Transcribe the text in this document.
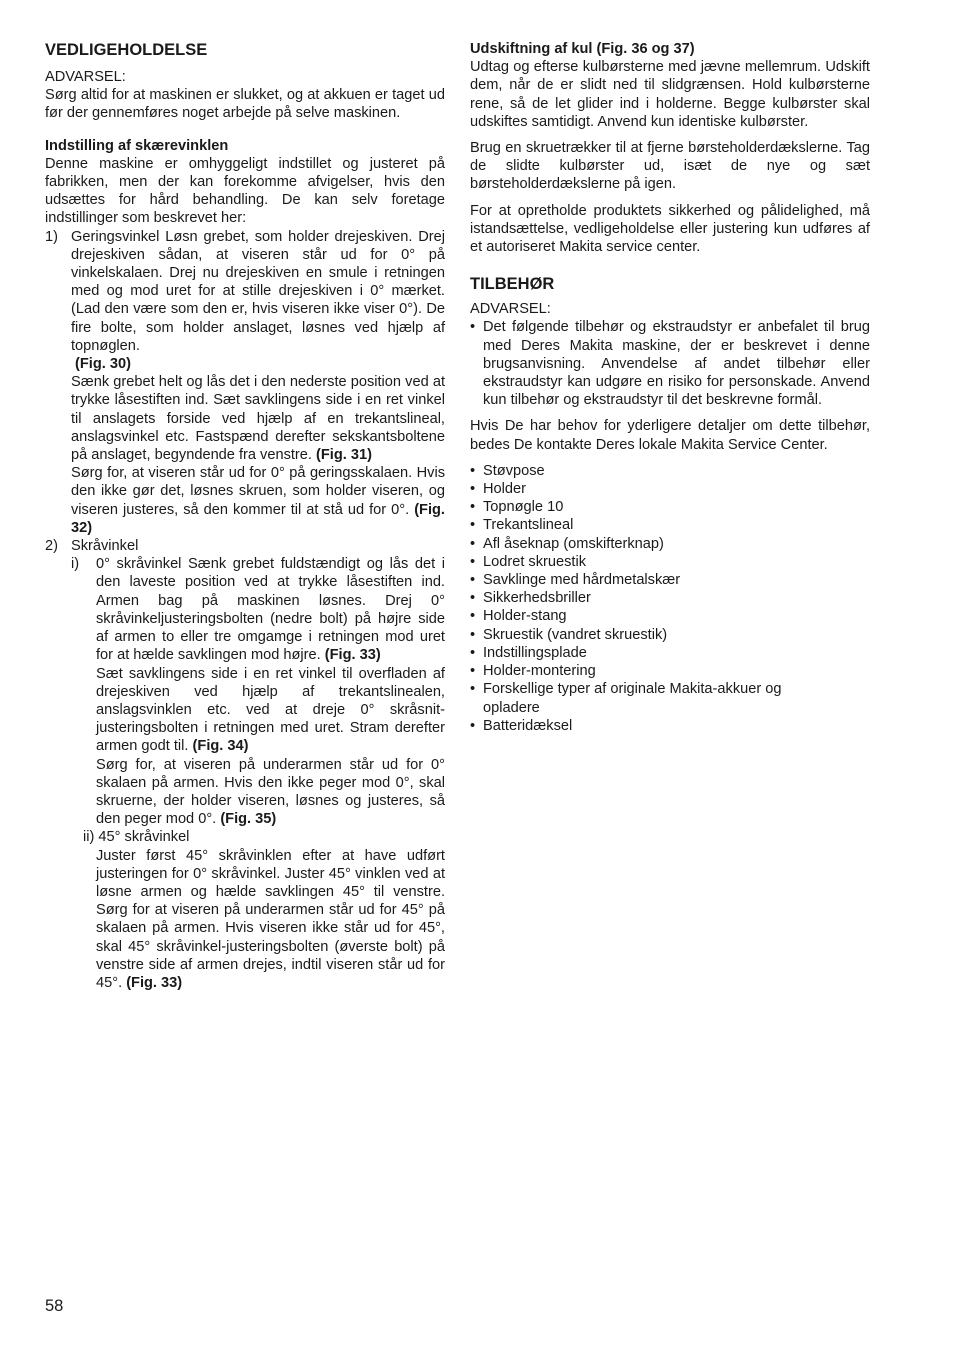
VEDLIGEHOLDELSE

ADVARSEL:

Sørg altid for at maskinen er slukket, og at akkuen er taget ud før der gennemføres noget arbejde på selve maskinen.

Indstilling af skærevinklen

Denne maskine er omhyggeligt indstillet og justeret på fabrikken, men der kan forekomme afvigelser, hvis den udsættes for hård behandling. De kan selv foretage indstillinger som beskrevet her:

1) Geringsvinkel Løsn grebet, som holder drejeskiven. Drej drejeskiven sådan, at viseren står ud for 0° på vinkelskalaen. Drej nu drejeskiven en smule i retningen med og mod uret for at stille drejeskiven i 0° mærket. (Lad den være som den er, hvis viseren ikke viser 0°). De fire bolte, som holder anslaget, løsnes ved hjælp af topnøglen.

(Fig. 30)

Sænk grebet helt og lås det i den nederste position ved at trykke låsestiften ind. Sæt savklingens side i en ret vinkel til anslagets forside ved hjælp af en trekantslineal, anslagsvinkel etc. Fastspænd derefter sekskantsboltene på anslaget, begyndende fra venstre. (Fig. 31)

Sørg for, at viseren står ud for 0° på geringsskalaen. Hvis den ikke gør det, løsnes skruen, som holder viseren, og viseren justeres, så den kommer til at stå ud for 0°. (Fig. 32)

2) Skråvinkel

i) 0° skråvinkel Sænk grebet fuldstændigt og lås det i den laveste position ved at trykke låsestiften ind. Armen bag på maskinen løsnes. Drej 0° skråvinkeljusteringsbolten (nedre bolt) på højre side af armen to eller tre omgamge i retningen mod uret for at hælde savklingen mod højre. (Fig. 33)

Sæt savklingens side i en ret vinkel til overfladen af drejeskiven ved hjælp af trekantslinealen, anslagsvinklen etc. ved at dreje 0° skråsnit-justeringsbolten i retningen med uret. Stram derefter armen godt til. (Fig. 34)

Sørg for, at viseren på underarmen står ud for 0° skalaen på armen. Hvis den ikke peger mod 0°, skal skruerne, der holder viseren, løsnes og justeres, så den peger mod 0°. (Fig. 35)

ii) 45° skråvinkel

Juster først 45° skråvinklen efter at have udført justeringen for 0° skråvinkel. Juster 45° vinklen ved at løsne armen og hælde savklingen 45° til venstre. Sørg for at viseren på underarmen står ud for 45° på skalaen på armen. Hvis viseren ikke står ud for 45°, skal 45° skråvinkel-justeringsbolten (øverste bolt) på venstre side af armen drejes, indtil viseren står ud for 45°. (Fig. 33)

Udskiftning af kul (Fig. 36 og 37)

Udtag og efterse kulbørsterne med jævne mellemrum. Udskift dem, når de er slidt ned til slidgrænsen. Hold kulbørsterne rene, så de let glider ind i holderne. Begge kulbørster skal udskiftes samtidigt. Anvend kun identiske kulbørster.

Brug en skruetrækker til at fjerne børsteholderdækslerne. Tag de slidte kulbørster ud, isæt de nye og sæt børsteholderdækslerne på igen.

For at opretholde produktets sikkerhed og pålidelighed, må istandsættelse, vedligeholdelse eller justering kun udføres af et autoriseret Makita service center.

TILBEHØR

ADVARSEL:

• Det følgende tilbehør og ekstraudstyr er anbefalet til brug med Deres Makita maskine, der er beskrevet i denne brugsanvisning. Anvendelse af andet tilbehør eller ekstraudstyr kan udgøre en risiko for personskade. Anvend kun tilbehør og ekstraudstyr til det beskrevne formål.

Hvis De har behov for yderligere detaljer om dette tilbehør, bedes De kontakte Deres lokale Makita Service Center.

• Støvpose
• Holder
• Topnøgle 10
• Trekantslineal
• Afl åseknap (omskifterknap)
• Lodret skruestik
• Savklinge med hårdmetalskær
• Sikkerhedsbriller
• Holder-stang
• Skruestik (vandret skruestik)
• Indstillingsplade
• Holder-montering
• Forskellige typer af originale Makita-akkuer og opladere
• Batteridæksel
58
